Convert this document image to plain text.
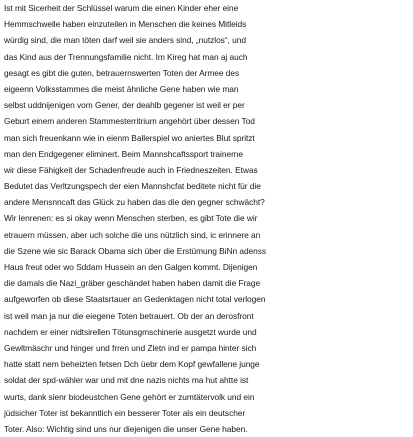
Ist mit Sicerheit der Schlüssel warum die einen Kinder eher eine
Hemmschwelle haben einzuteilen in Menschen die keines Mitleids
würdig sind, die man töten darf weil sie anders sind, „nutzlos“, und
das Kind aus der Trennungsfamilie nicht. Im Kireg hat man aj auch
gesagt es gibt die guten, betrauernswerten Toten der Armee des
eigeenn Volksstammes die meist ähnliche Gene haben wie man
selbst uddnijenigen vom Gener, der deahlb gegener ist weil er per
Geburt einem anderen Stammesterritrium angehört über dessen Tod
man sich freuenkann wie in eienm Ballerspiel wo aniertes Blut spritzt
man den Endgegener eliminert. Beim Mannshcaftssport trainerne
wir diese Fähigkeit der Schadenfreude auch in Friedneszeiten. Etwas
Bedutet das Verltzungspech der eien Mannshcfat beditete nicht für die
andere Mensnncaft das Glück zu haben das die den gegner schwächt?
Wir lenrenen: es si okay wenn Menschen sterben, es gibt Tote die wir
etrauern müssen, aber uch solche die uns nützlich sind, ic erinnere an
die Szene wie sic Barack Obama sich über die Erstümung BiNn adenss
Haus freut oder wo Sddam Hussein an den Galgen kommt. Dijenigen
die damals die Nazi_gräber geschändet haben haben damit die Frage
aufgeworfen ob diese Staatsrtauer an Gedenktagen nicht total verlogen
ist weil man ja nur die eiegene Toten betrauert. Ob der an derosfront
nachdem er einer nidtsirellen Tötunsgmschinerie ausgetzt wurde und
Gewltmäschr und hinger und frren und Zletn ind er pampa hinter sich
hatte statt nem beheizten fetsen Dch üebr dem Kopf gewfallene junge
soldat der spd-wähler war und mit dne nazis nichts ma hut ahtte ist
wurts, dank sienr biodeustchen Gene gehört er zumtätervolk und ein
jüdsicher Toter ist bekanntlich ein besserer Toter als ein deutscher
Toter. Also: Wichtig sind uns nur diejenigen die unser Gene haben.
